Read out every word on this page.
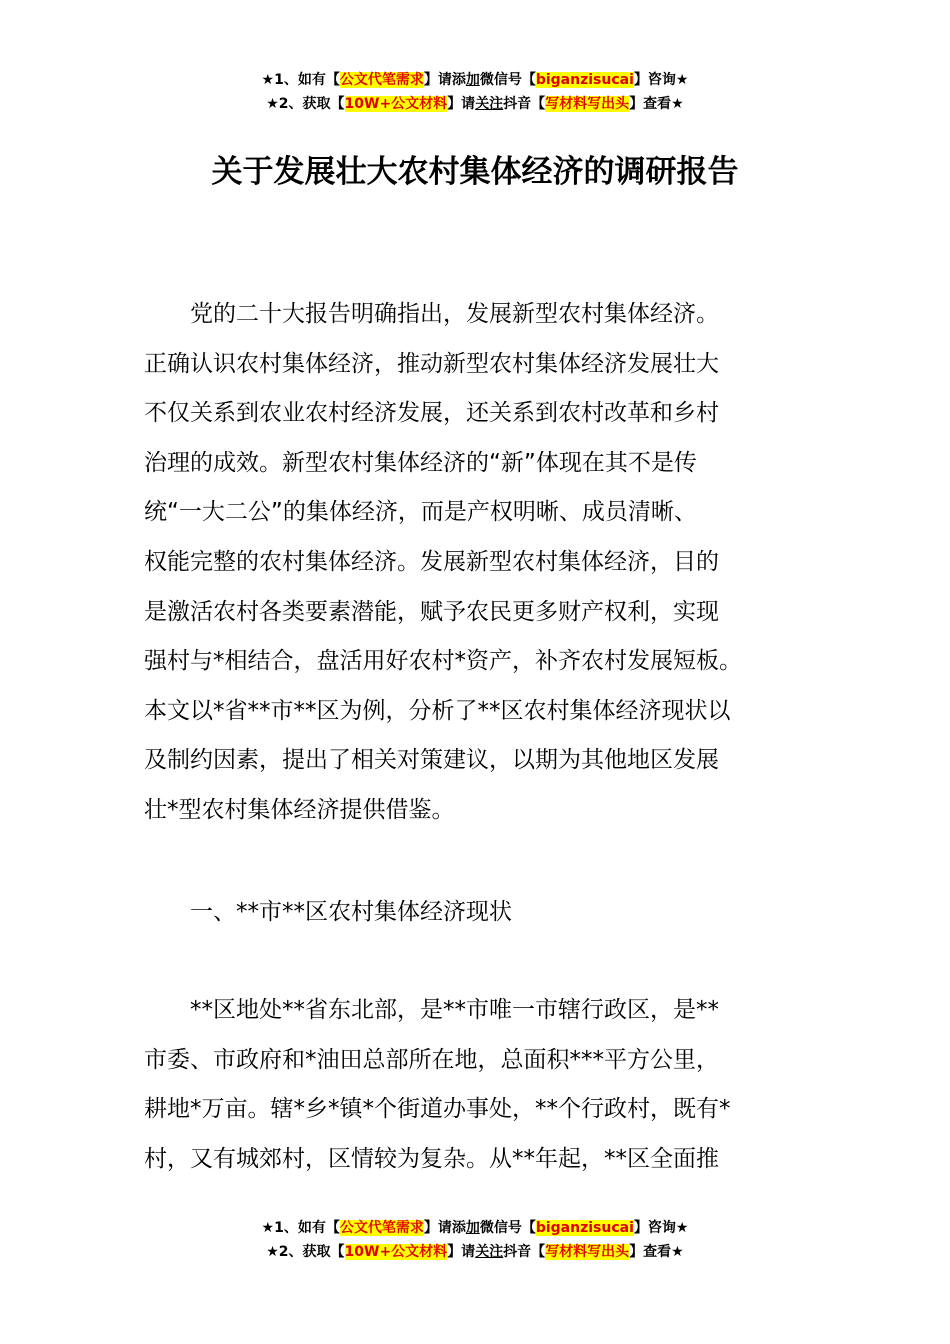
★1、如有【公文代笔需求】请添加微信号【biganzisucai】咨询★
★2、获取【10W+公文材料】请关注抖音【写材料写出头】查看★
关于发展壮大农村集体经济的调研报告
　　党的二十大报告明确指出，发展新型农村集体经济。
正确认识农村集体经济，推动新型农村集体经济发展壮大
不仅关系到农业农村经济发展，还关系到农村改革和乡村
治理的成效。新型农村集体经济的“新”体现在其不是传
统“一大二公”的集体经济，而是产权明晰、成员清晰、
权能完整的农村集体经济。发展新型农村集体经济，目的
是激活农村各类要素潜能，赋予农民更多财产权利，实现
强村与*相结合，盘活用好农村*资产，补齐农村发展短板。
本文以*省**市**区为例，分析了**区农村集体经济现状以
及制约因素，提出了相关对策建议，以期为其他地区发展
壮*型农村集体经济提供借鉴。
　　一、**市**区农村集体经济现状
　　**区地处**省东北部，是**市唯一市辖行政区，是**
市委、市政府和*油田总部所在地，总面积***平方公里，
耕地*万亩。辖*乡*镇*个街道办事处，**个行政村，既有*
村，又有城郊村，区情较为复杂。从**年起，**区全面推
★1、如有【公文代笔需求】请添加微信号【biganzisucai】咨询★
★2、获取【10W+公文材料】请关注抖音【写材料写出头】查看★
